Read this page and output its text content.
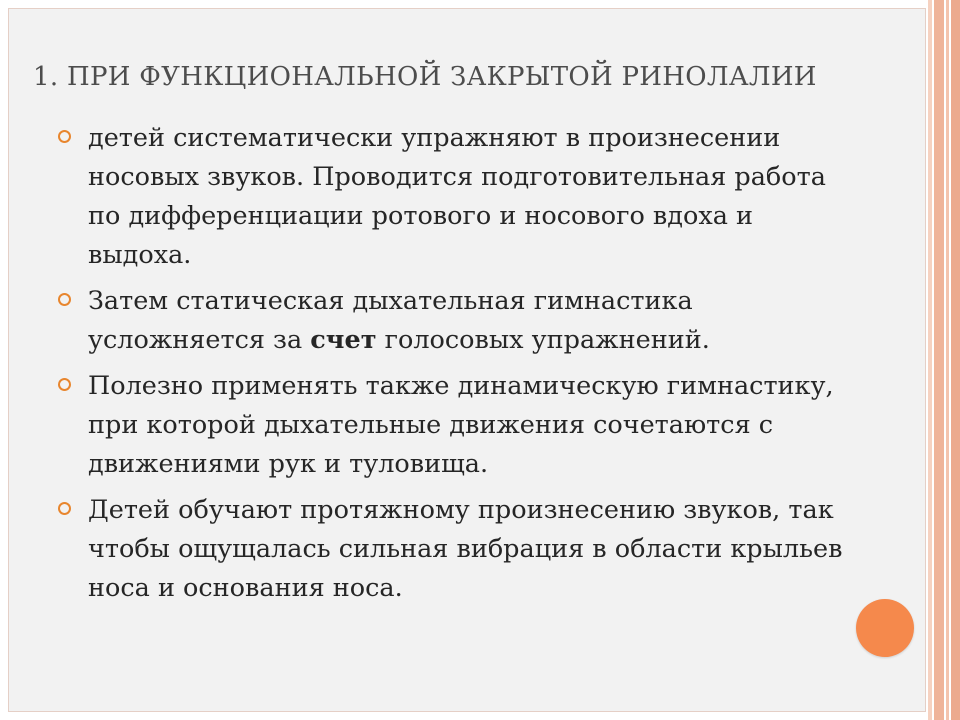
1. ПРИ ФУНКЦИОНАЛЬНОЙ ЗАКРЫТОЙ РИНОЛАЛИИ
детей систематически упражняют в произнесении носовых звуков. Проводится подготовительная работа по дифференциации ротового и носового вдоха и выдоха.
Затем статическая дыхательная гимнастика усложняется за счет голосовых упражнений.
Полезно применять также динамическую гимнастику, при которой дыхательные движения сочетаются с движениями рук и туловища.
Детей обучают протяжному произнесению звуков, так чтобы ощущалась сильная вибрация в области крыльев носа и основания носа.
